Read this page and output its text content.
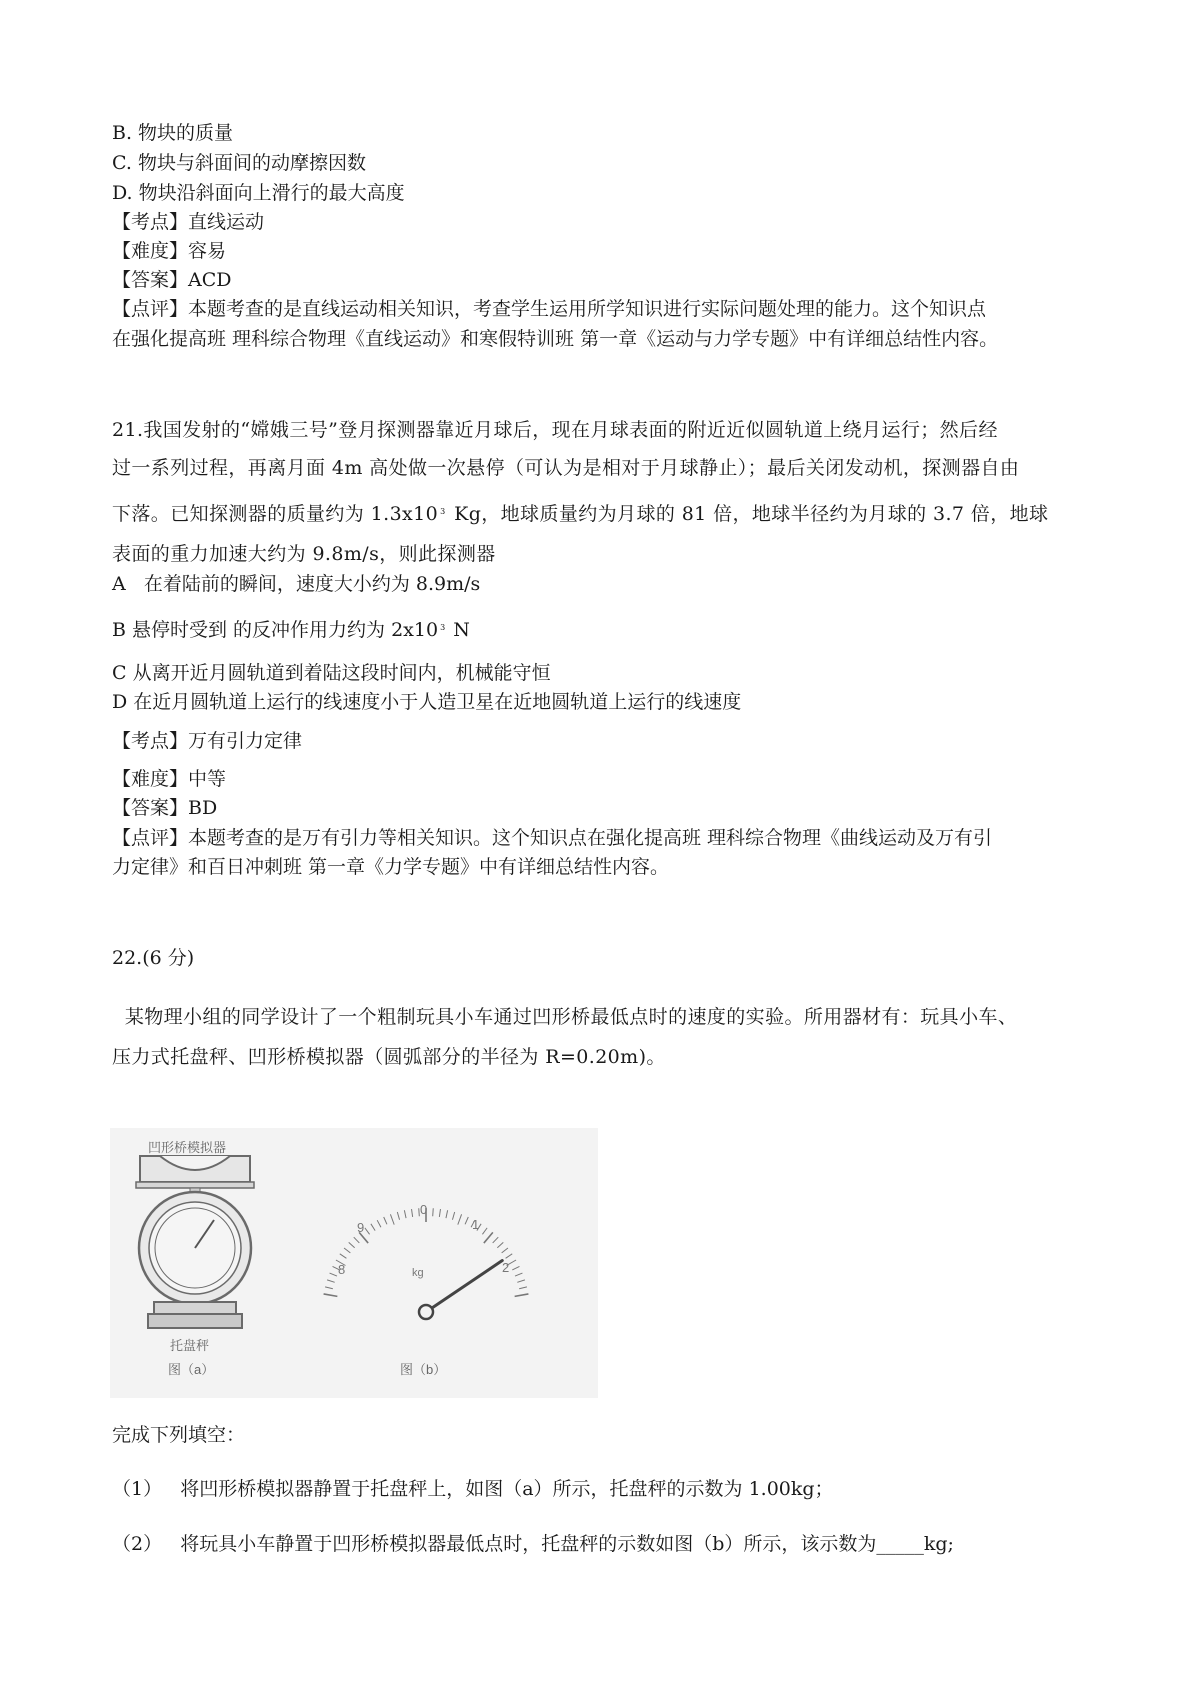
B. 物块的质量
C. 物块与斜面间的动摩擦因数
D. 物块沿斜面向上滑行的最大高度
【考点】直线运动
【难度】容易
【答案】ACD
【点评】本题考查的是直线运动相关知识，考查学生运用所学知识进行实际问题处理的能力。这个知识点
在强化提高班 理科综合物理《直线运动》和寒假特训班 第一章《运动与力学专题》中有详细总结性内容。
21.我国发射的“嫦娥三号”登月探测器靠近月球后，现在月球表面的附近近似圆轨道上绕月运行；然后经
过一系列过程，再离月面 4m 高处做一次悬停（可认为是相对于月球静止）；最后关闭发动机，探测器自由
下落。已知探测器的质量约为 1.3x10 $^3$ Kg，地球质量约为月球的 81 倍，地球半径约为月球的 3.7 倍，地球
表面的重力加速大约为 9.8m/s，则此探测器
A   在着陆前的瞬间，速度大小约为 8.9m/s
B 悬停时受到 的反冲作用力约为 2x10 $^3$ N
C 从离开近月圆轨道到着陆这段时间内，机械能守恒
D 在近月圆轨道上运行的线速度小于人造卫星在近地圆轨道上运行的线速度
【考点】万有引力定律
【难度】中等
【答案】BD
【点评】本题考查的是万有引力等相关知识。这个知识点在强化提高班 理科综合物理《曲线运动及万有引
力定律》和百日冲刺班 第一章《力学专题》中有详细总结性内容。
22.(6 分)
某物理小组的同学设计了一个粗制玩具小车通过凹形桥最低点时的速度的实验。所用器材有：玩具小车、
压力式托盘秤、凹形桥模拟器（圆弧部分的半径为 R=0.20m)。
凹形桥模拟器
托盘秤
图（a）
9
0
1
8	2
kg
图（b）
完成下列填空：
（1）   将凹形桥模拟器静置于托盘秤上，如图（a）所示，托盘秤的示数为 1.00kg；
（2）   将玩具小车静置于凹形桥模拟器最低点时，托盘秤的示数如图（b）所示，该示数为_____kg;
